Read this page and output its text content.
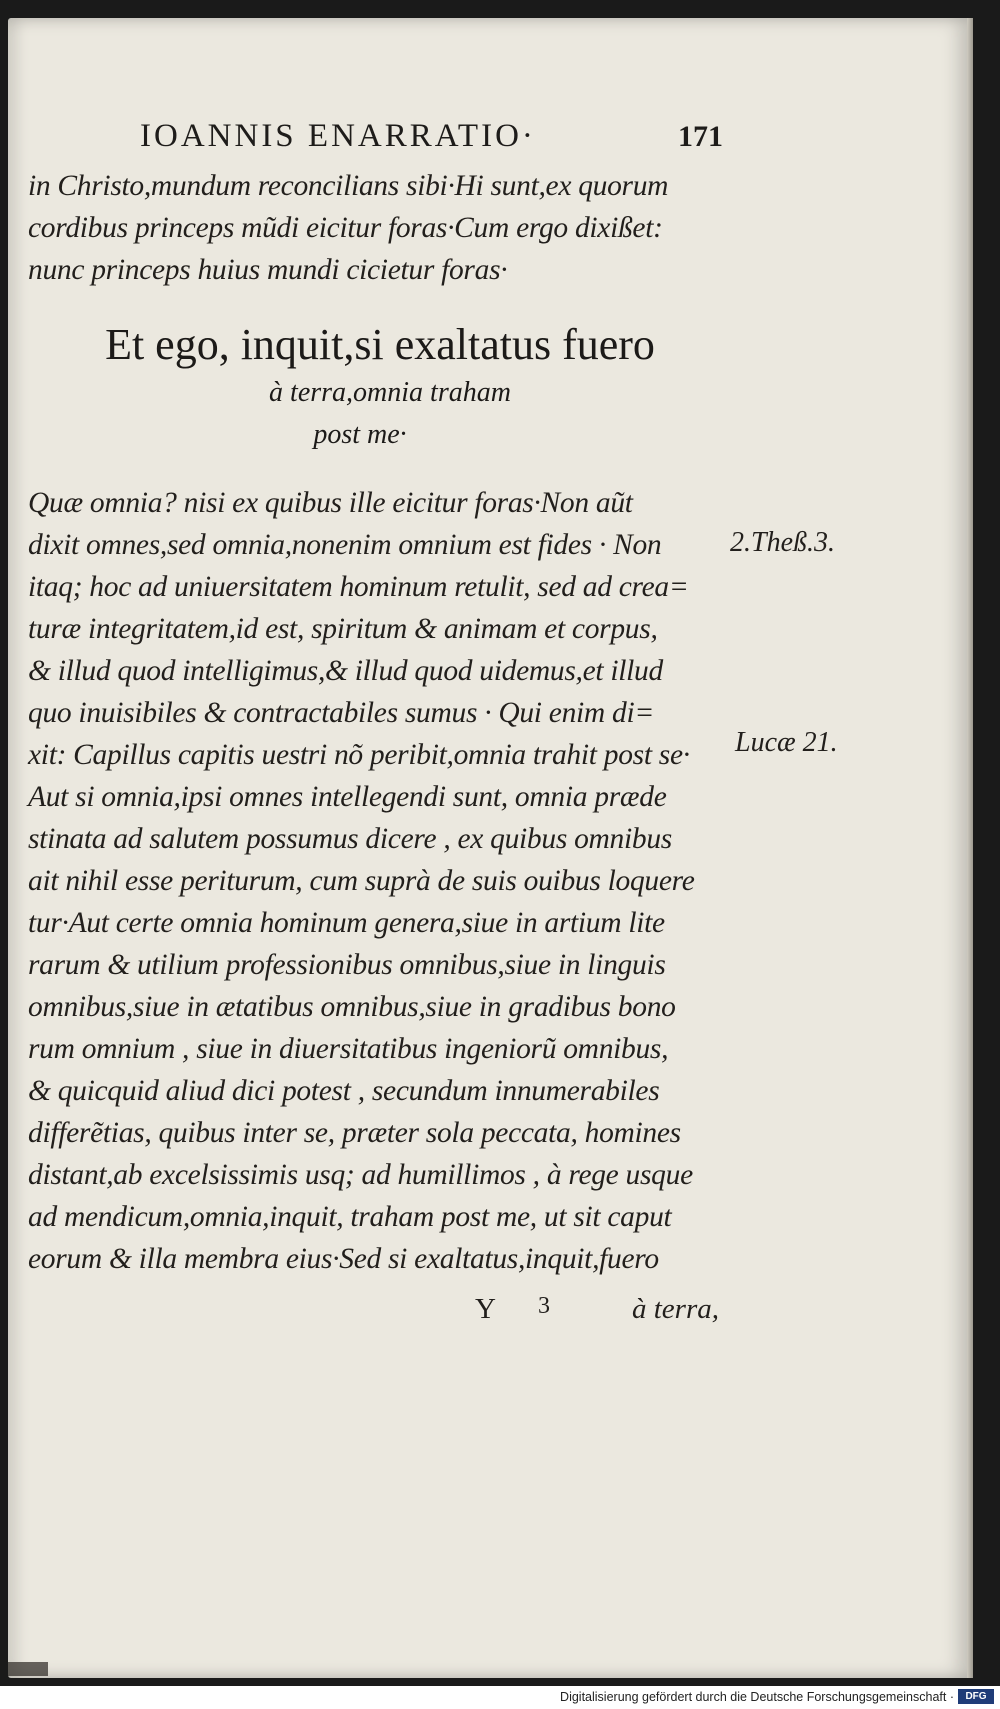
IOANNIS ENARRATIO·	171
in Christo,mundum reconcilians sibi·Hi sunt,ex quorum
cordibus princeps mũdi eicitur foras·Cum ergo dixißet:
nunc princeps huius mundi cicietur foras·
Et ego, inquit,si exaltatus fuero
à terra,omnia traham
post me·
Quæ omnia? nisi ex quibus ille eicitur foras·Non aũt
dixit omnes,sed omnia,nonenim omnium est fides · Non
itaq; hoc ad uniuersitatem hominum retulit, sed ad crea=
turæ integritatem,id est, spiritum & animam et corpus,
& illud quod intelligimus,& illud quod uidemus,et illud
quo inuisibiles & contractabiles sumus · Qui enim di=
xit: Capillus capitis uestri nõ peribit,omnia trahit post se·
Aut si omnia,ipsi omnes intellegendi sunt, omnia præde
stinata ad salutem possumus dicere , ex quibus omnibus
ait nihil esse periturum, cum suprà de suis ouibus loquere
tur·Aut certe omnia hominum genera,siue in artium lite
rarum & utilium professionibus omnibus,siue in linguis
omnibus,siue in ætatibus omnibus,siue in gradibus bono
rum omnium , siue in diuersitatibus ingeniorũ omnibus,
& quicquid aliud dici potest , secundum innumerabiles
differẽtias, quibus inter se, præter sola peccata, homines
distant,ab excelsissimis usq; ad humillimos , à rege usque
ad mendicum,omnia,inquit, traham post me, ut sit caput
eorum & illa membra eius·Sed si exaltatus,inquit,fuero
2.Theß.3.
Lucæ 21.
Y 3	à terra,
Digitalisierung gefördert durch die Deutsche Forschungsgemeinschaft ·	DFG
